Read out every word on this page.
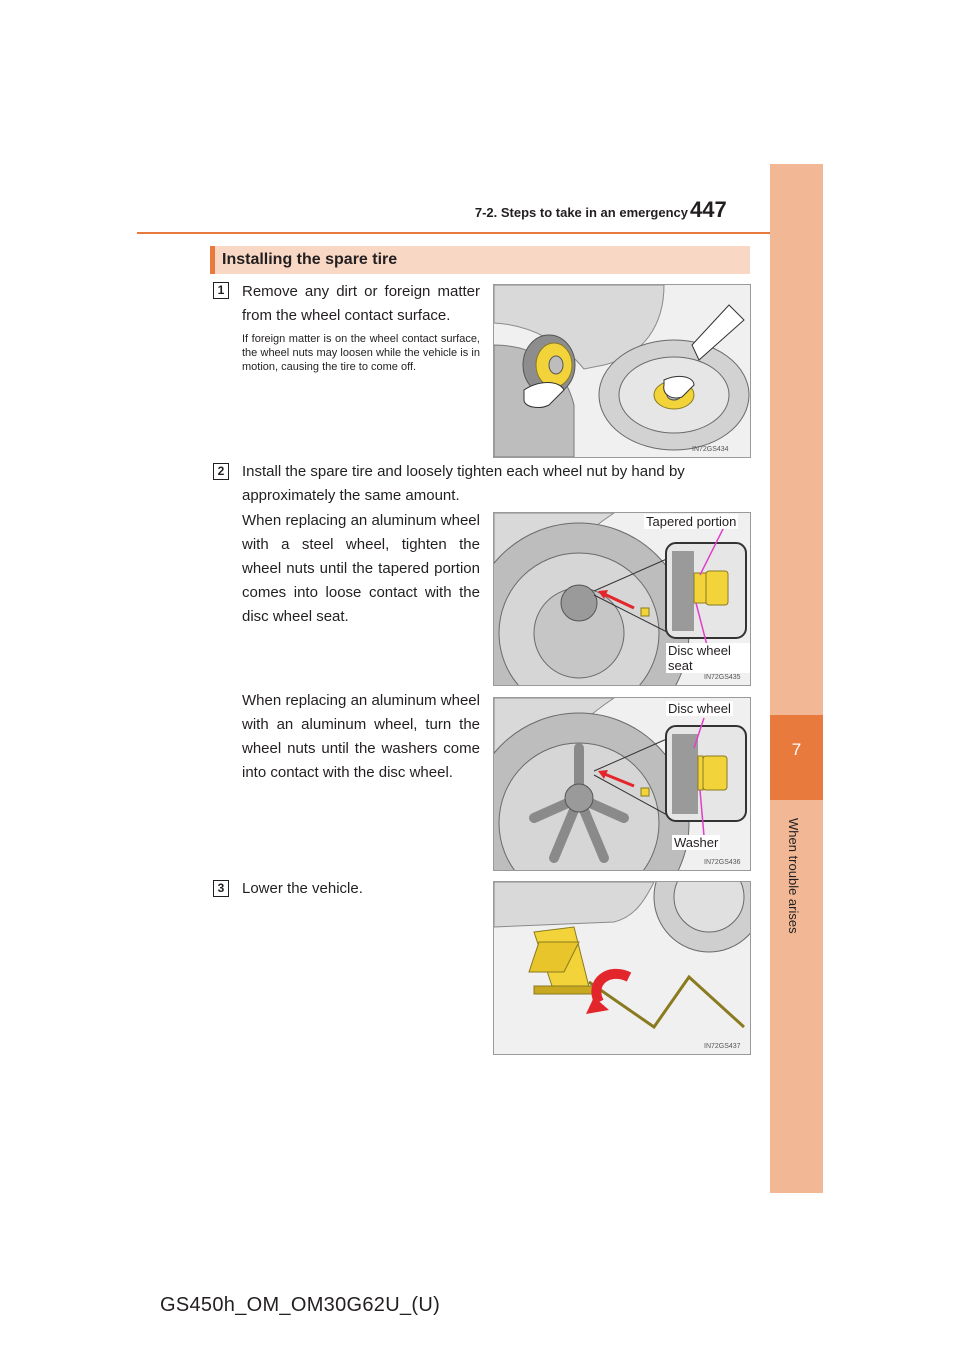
7-2. Steps to take in an emergency 447
7
When trouble arises
Installing the spare tire
1	Remove any dirt or foreign matter from the wheel contact surface.
If foreign matter is on the wheel contact surface, the wheel nuts may loosen while the vehicle is in motion, causing the tire to come off.
IN72GS434
2	Install the spare tire and loosely tighten each wheel nut by hand by approximately the same amount.
When replacing an aluminum wheel with a steel wheel, tighten the wheel nuts until the tapered portion comes into loose contact with the disc wheel seat.
Tapered portion
Disc wheel seat
IN72GS435
When replacing an aluminum wheel with an aluminum wheel, turn the wheel nuts until the washers come into contact with the disc wheel.
Disc wheel
Washer
IN72GS436
3	Lower the vehicle.
IN72GS437
GS450h_OM_OM30G62U_(U)
